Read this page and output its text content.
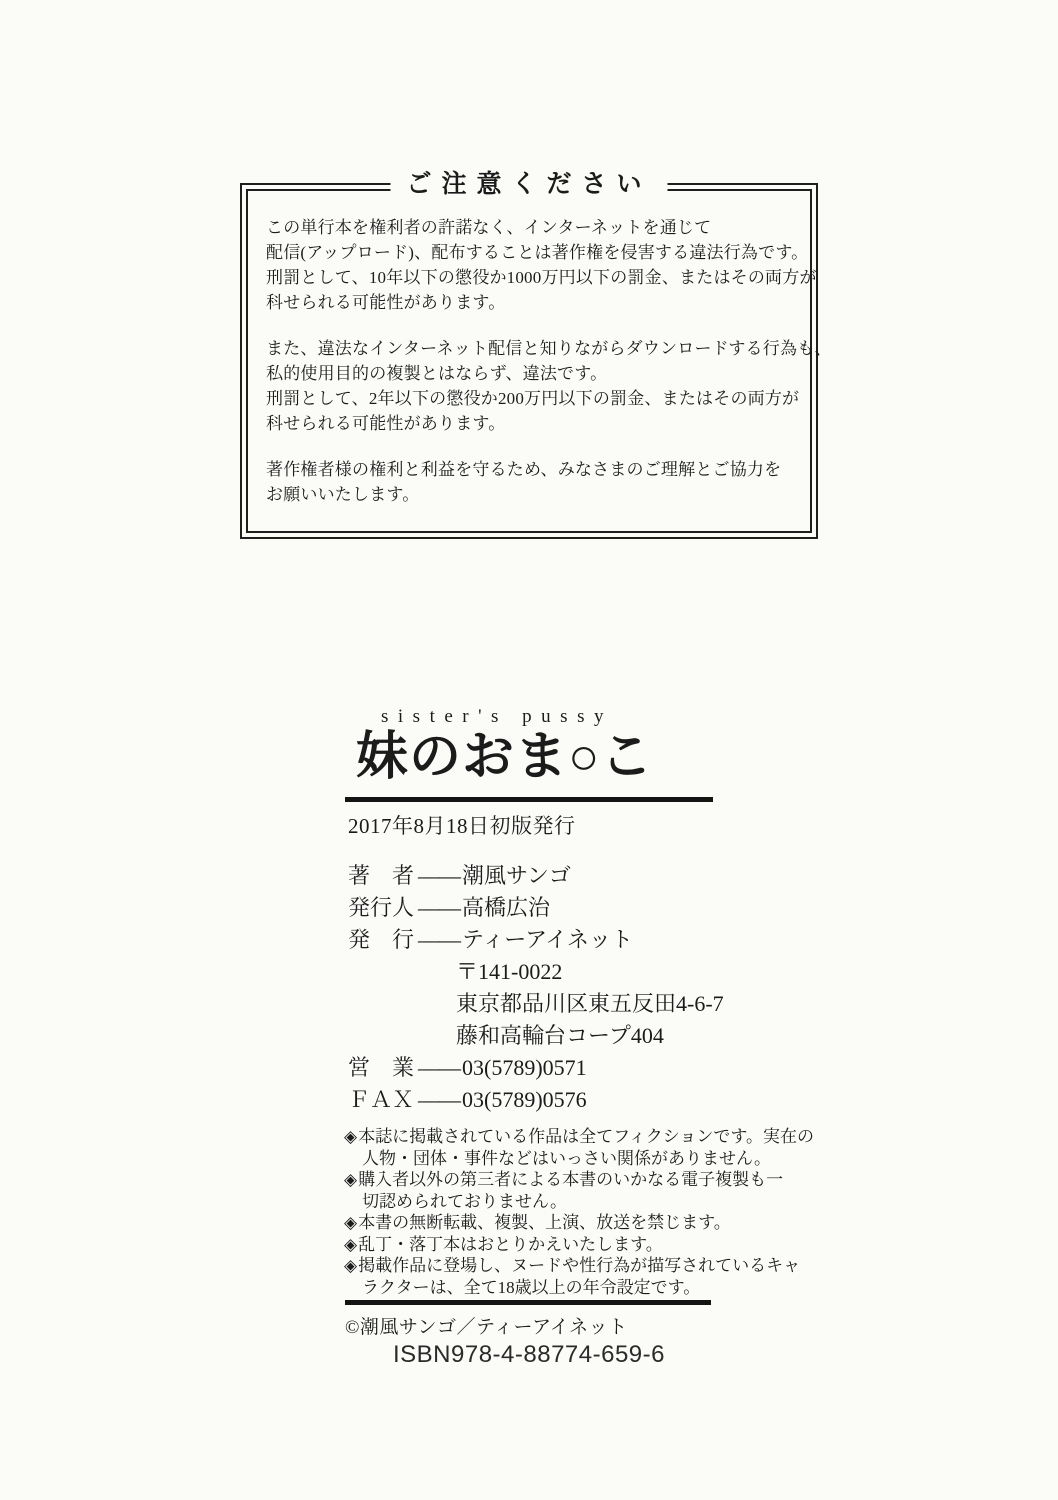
ご注意ください
この単行本を権利者の許諾なく、インターネットを通じて
配信(アップロード)、配布することは著作権を侵害する違法行為です。
刑罰として、10年以下の懲役か1000万円以下の罰金、またはその両方が
科せられる可能性があります。
また、違法なインターネット配信と知りながらダウンロードする行為も、
私的使用目的の複製とはならず、違法です。
刑罰として、2年以下の懲役か200万円以下の罰金、またはその両方が
科せられる可能性があります。
著作権者様の権利と利益を守るため、みなさまのご理解とご協力を
お願いいたします。
sister's pussy
妹のおま○こ
2017年8月18日初版発行
著　者 ——潮風サンゴ
発行人 ——高橋広治
発　行 ——ティーアイネット
〒141-0022
東京都品川区東五反田4-6-7
藤和高輪台コープ404
営　業 ——03(5789)0571
ＦＡＸ ——03(5789)0576
◈本誌に掲載されている作品は全てフィクションです。実在の
人物・団体・事件などはいっさい関係がありません。
◈購入者以外の第三者による本書のいかなる電子複製も一
切認められておりません。
◈本書の無断転載、複製、上演、放送を禁じます。
◈乱丁・落丁本はおとりかえいたします。
◈掲載作品に登場し、ヌードや性行為が描写されているキャ
ラクターは、全て18歳以上の年令設定です。
©潮風サンゴ／ティーアイネット
ISBN978-4-88774-659-6
